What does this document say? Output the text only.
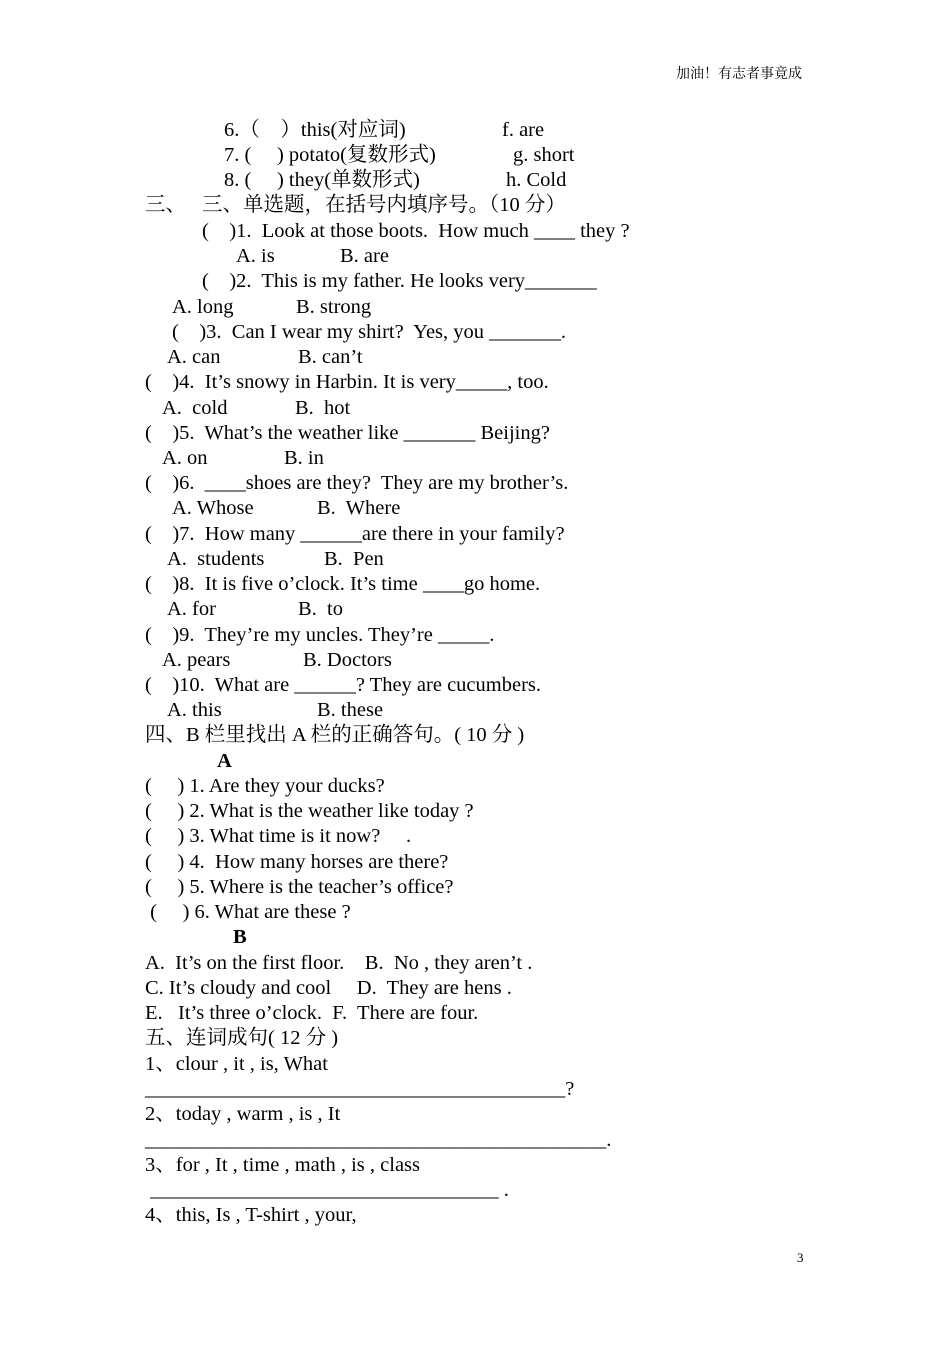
加油！有志者事竟成

6.（　）this(对应词)

	f. are

7. (　 ) potato(复数形式)

	g. short

8. (　 ) they(单数形式)

	h. Cold

三、

三、单选题，在括号内填序号。（10 分）

(　)1.  Look at those boots.  How much ____ they ?

A. is

	B. are

(　)2.  This is my father. He looks very_______

A. long

	B. strong

(　)3.  Can I wear my shirt?  Yes, you _______.

A. can

	B. can’t

(　)4.  It’s snowy in Harbin. It is very_____, too.

A.  cold

	B.  hot

(　)5.  What’s the weather like _______ Beijing?

A. on

	B. in

(　)6.  ____shoes are they?  They are my brother’s.

A. Whose

	B.  Where

(　)7.  How many ______are there in your family?

A.  students

	B.  Pen

(　)8.  It is five o’clock. It’s time ____go home.

A. for

	B.  to

(　)9.  They’re my uncles. They’re _____.

A. pears

	B. Doctors

(　)10.  What are ______? They are cucumbers.

A. this

	B. these

四、B 栏里找出 A 栏的正确答句。( 10 分 )
A
(　 ) 1. Are they your ducks?
(　 ) 2. What is the weather like today ?
(　 ) 3. What time is it now?　 .
(　 ) 4.  How many horses are there?
(　 ) 5. Where is the teacher’s office?
(　 ) 6. What are these ?
B
A.  It’s on the first floor.　B.  No , they aren’t .
C. It’s cloudy and cool　 D.  They are hens .
E.   It’s three o’clock.  F.  There are four.
五、连词成句( 12 分 )
1、clour , it , is, What
_________________________________________?
2、today , warm , is , It
_____________________________________________.
3、for , It , time , math , is , class
__________________________________ .
4、this, Is , T-shirt , your,
3
